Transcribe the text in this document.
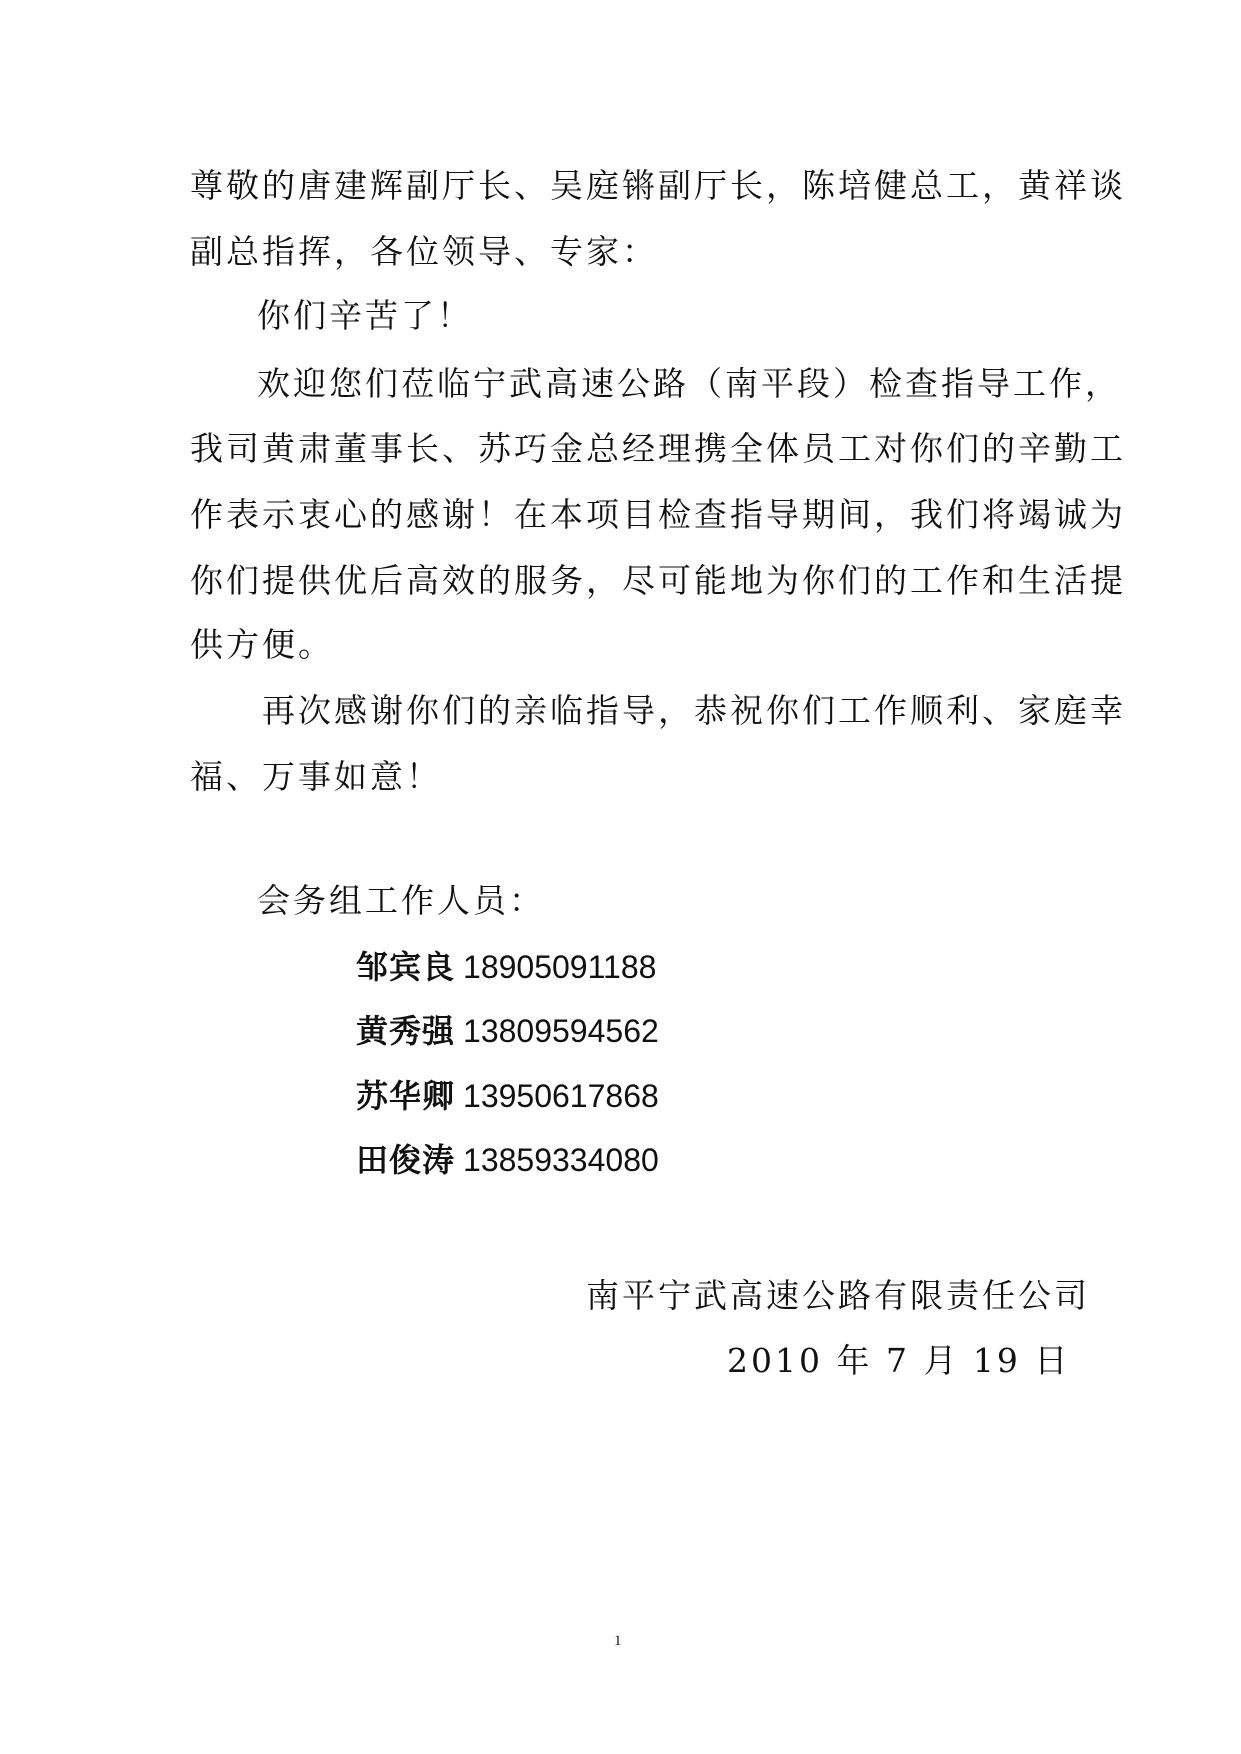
尊敬的唐建辉副厅长、吴庭锵副厅长，陈培健总工，黄祥谈
副总指挥，各位领导、专家：
你们辛苦了！
欢迎您们莅临宁武高速公路（南平段）检查指导工作，
我司黄肃董事长、苏巧金总经理携全体员工对你们的辛勤工
作表示衷心的感谢！在本项目检查指导期间，我们将竭诚为
你们提供优后高效的服务，尽可能地为你们的工作和生活提
供方便。
再次感谢你们的亲临指导，恭祝你们工作顺利、家庭幸
福、万事如意！
会务组工作人员：
邹宾良 18905091188
黄秀强 13809594562
苏华卿 13950617868
田俊涛 13859334080
南平宁武高速公路有限责任公司
2010 年 7 月 19 日
1
